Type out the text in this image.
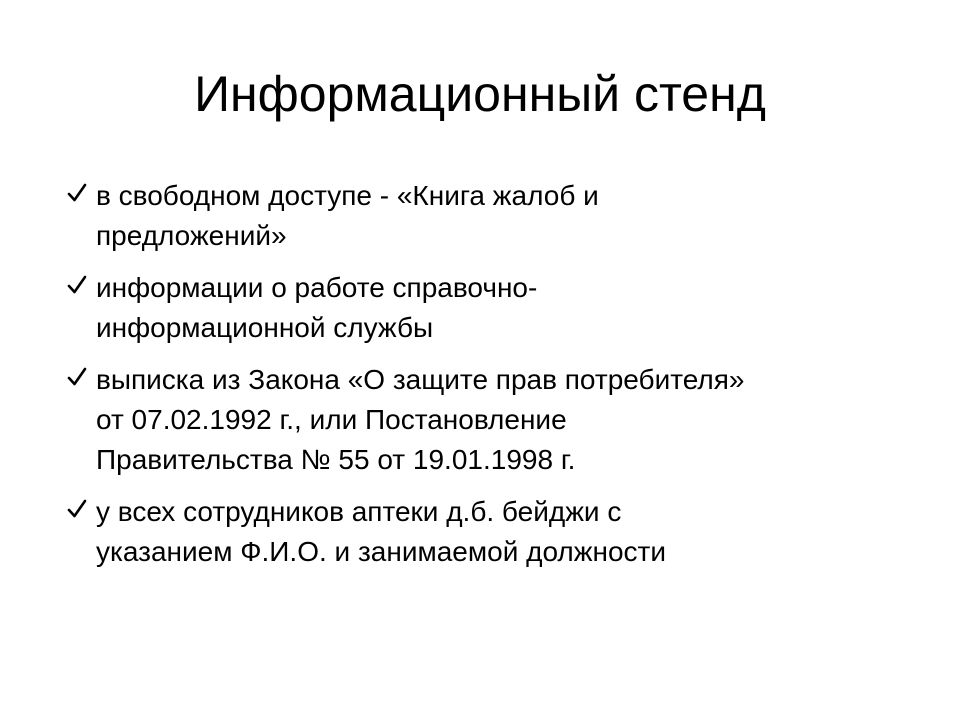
Информационный стенд
в свободном доступе - «Книга жалоб и
предложений»
информации о работе справочно-
информационной службы
выписка из Закона «О защите прав потребителя»
от 07.02.1992 г., или Постановление
Правительства № 55 от 19.01.1998 г.
у всех сотрудников аптеки д.б. бейджи с
указанием Ф.И.О. и занимаемой должности
